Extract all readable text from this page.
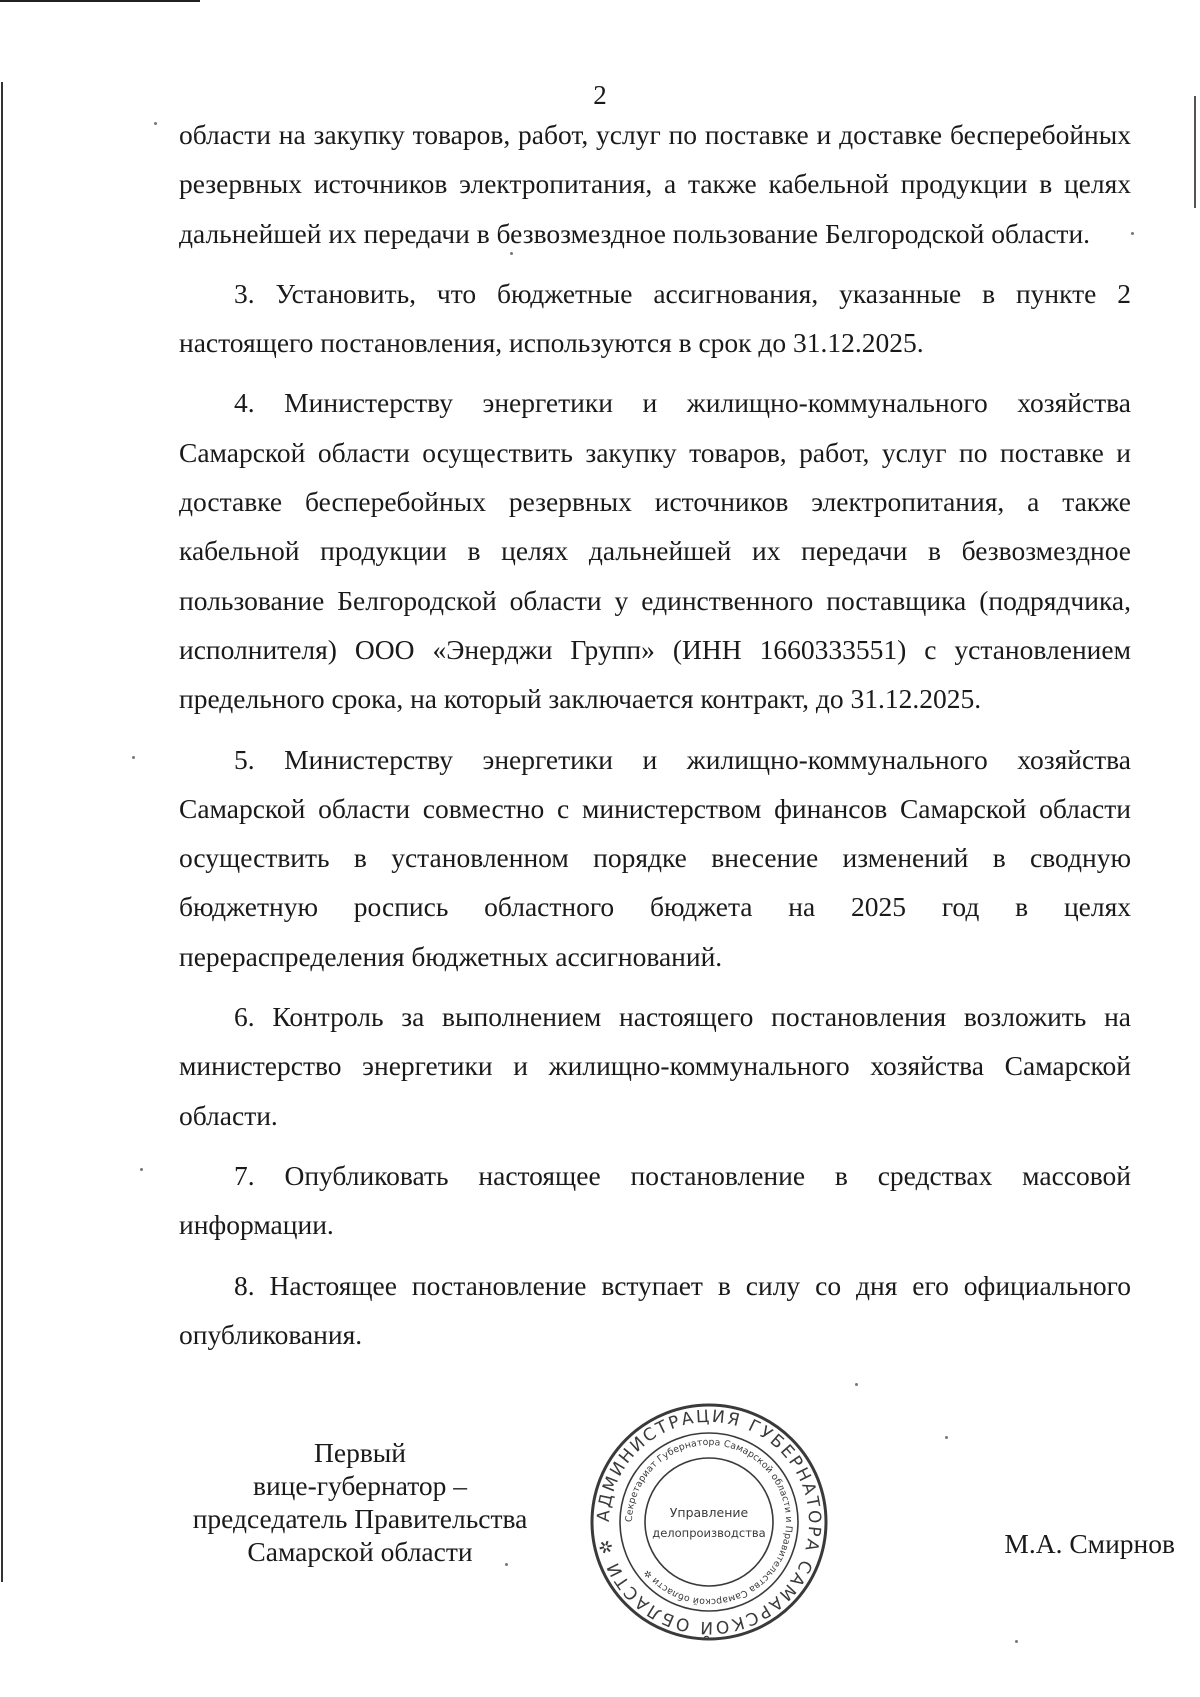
2

области на закупку товаров, работ, услуг по поставке и доставке бесперебойных резервных источников электропитания, а также кабельной продукции в целях дальнейшей их передачи в безвозмездное пользование Белгородской области.

3. Установить, что бюджетные ассигнования, указанные в пункте 2 настоящего постановления, используются в срок до 31.12.2025.

4. Министерству энергетики и жилищно-коммунального хозяйства Самарской области осуществить закупку товаров, работ, услуг по поставке и доставке бесперебойных резервных источников электропитания, а также кабельной продукции в целях дальнейшей их передачи в безвозмездное пользование Белгородской области у единственного поставщика (подрядчика, исполнителя) ООО «Энерджи Групп» (ИНН 1660333551) с установлением предельного срока, на который заключается контракт, до 31.12.2025.

5. Министерству энергетики и жилищно-коммунального хозяйства Самарской области совместно с министерством финансов Самарской области осуществить в установленном порядке внесение изменений в сводную бюджетную роспись областного бюджета на 2025 год в целях перераспределения бюджетных ассигнований.

6. Контроль за выполнением настоящего постановления возложить на министерство энергетики и жилищно-коммунального хозяйства Самарской области.

7. Опубликовать настоящее постановление в средствах массовой информации.

8. Настоящее постановление вступает в силу со дня его официального опубликования.

Первый
вице-губернатор –
председатель Правительства
Самарской области	М.А. Смирнов
АДМИНИСТРАЦИЯ ГУБЕРНАТОРА САМАРСКОЙ ОБЛАСТИ ✲
Секретариат Губернатора Самарской области и Правительства Самарской области ✲
Управление
делопроизводства
